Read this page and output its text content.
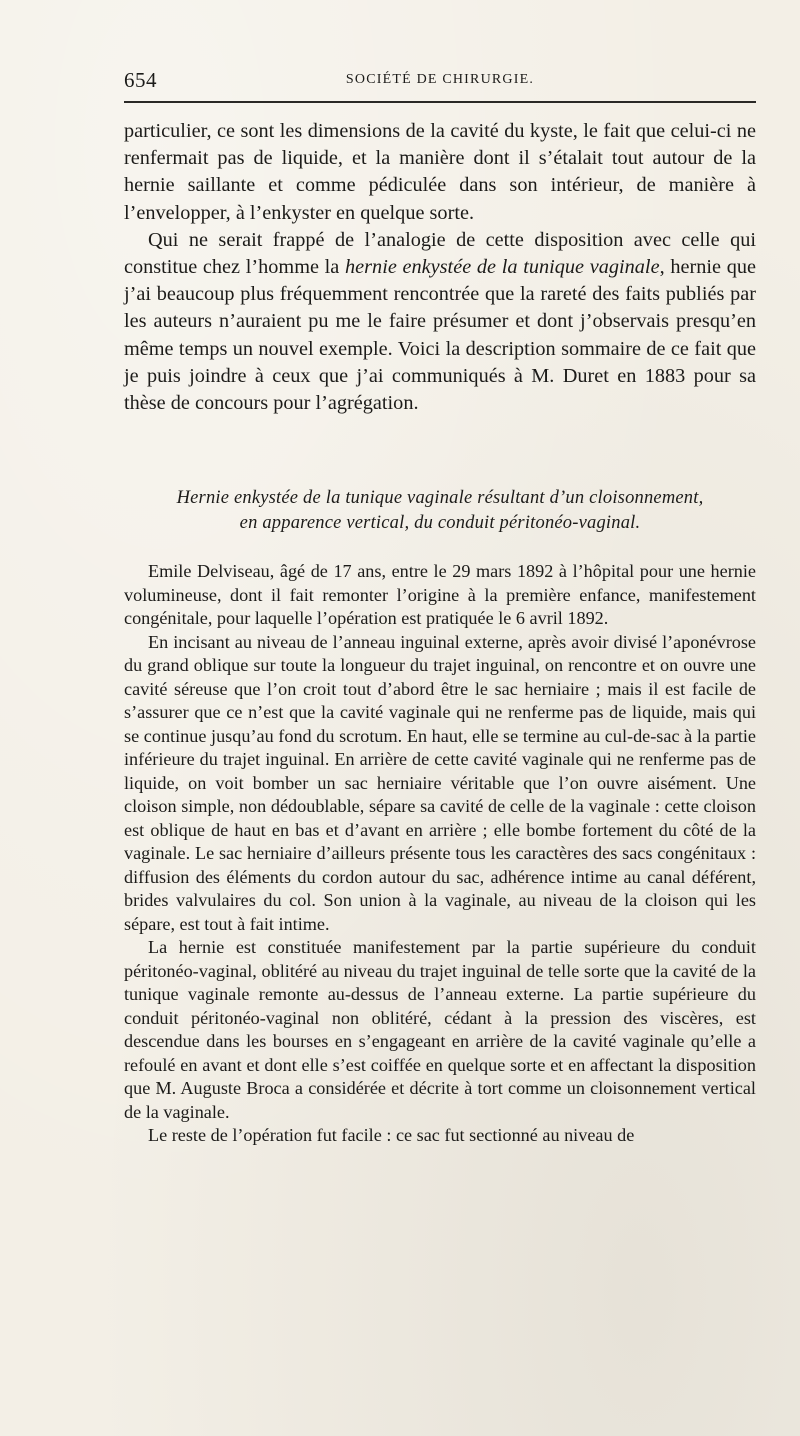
654	SOCIÉTÉ DE CHIRURGIE.

particulier, ce sont les dimensions de la cavité du kyste, le fait que celui-ci ne renfermait pas de liquide, et la manière dont il s’étalait tout autour de la hernie saillante et comme pédiculée dans son intérieur, de manière à l’envelopper, à l’enkyster en quelque sorte.

Qui ne serait frappé de l’analogie de cette disposition avec celle qui constitue chez l’homme la hernie enkystée de la tunique vaginale, hernie que j’ai beaucoup plus fréquemment rencontrée que la rareté des faits publiés par les auteurs n’auraient pu me le faire présumer et dont j’observais presqu’en même temps un nouvel exemple. Voici la description sommaire de ce fait que je puis joindre à ceux que j’ai communiqués à M. Duret en 1883 pour sa thèse de concours pour l’agrégation.

Hernie enkystée de la tunique vaginale résultant d’un cloisonnement,
en apparence vertical, du conduit péritonéo-vaginal.

Emile Delviseau, âgé de 17 ans, entre le 29 mars 1892 à l’hôpital pour une hernie volumineuse, dont il fait remonter l’origine à la première enfance, manifestement congénitale, pour laquelle l’opération est pratiquée le 6 avril 1892.

En incisant au niveau de l’anneau inguinal externe, après avoir divisé l’aponévrose du grand oblique sur toute la longueur du trajet inguinal, on rencontre et on ouvre une cavité séreuse que l’on croit tout d’abord être le sac herniaire ; mais il est facile de s’assurer que ce n’est que la cavité vaginale qui ne renferme pas de liquide, mais qui se continue jusqu’au fond du scrotum. En haut, elle se termine au cul-de-sac à la partie inférieure du trajet inguinal. En arrière de cette cavité vaginale qui ne renferme pas de liquide, on voit bomber un sac herniaire véritable que l’on ouvre aisément. Une cloison simple, non dédoublable, sépare sa cavité de celle de la vaginale : cette cloison est oblique de haut en bas et d’avant en arrière ; elle bombe fortement du côté de la vaginale. Le sac herniaire d’ailleurs présente tous les caractères des sacs congénitaux : diffusion des éléments du cordon autour du sac, adhérence intime au canal déférent, brides valvulaires du col. Son union à la vaginale, au niveau de la cloison qui les sépare, est tout à fait intime.

La hernie est constituée manifestement par la partie supérieure du conduit péritonéo-vaginal, oblitéré au niveau du trajet inguinal de telle sorte que la cavité de la tunique vaginale remonte au-dessus de l’anneau externe. La partie supérieure du conduit péritonéo-vaginal non oblitéré, cédant à la pression des viscères, est descendue dans les bourses en s’engageant en arrière de la cavité vaginale qu’elle a refoulé en avant et dont elle s’est coiffée en quelque sorte et en affectant la disposition que M. Auguste Broca a considérée et décrite à tort comme un cloisonnement vertical de la vaginale.

Le reste de l’opération fut facile : ce sac fut sectionné au niveau de
